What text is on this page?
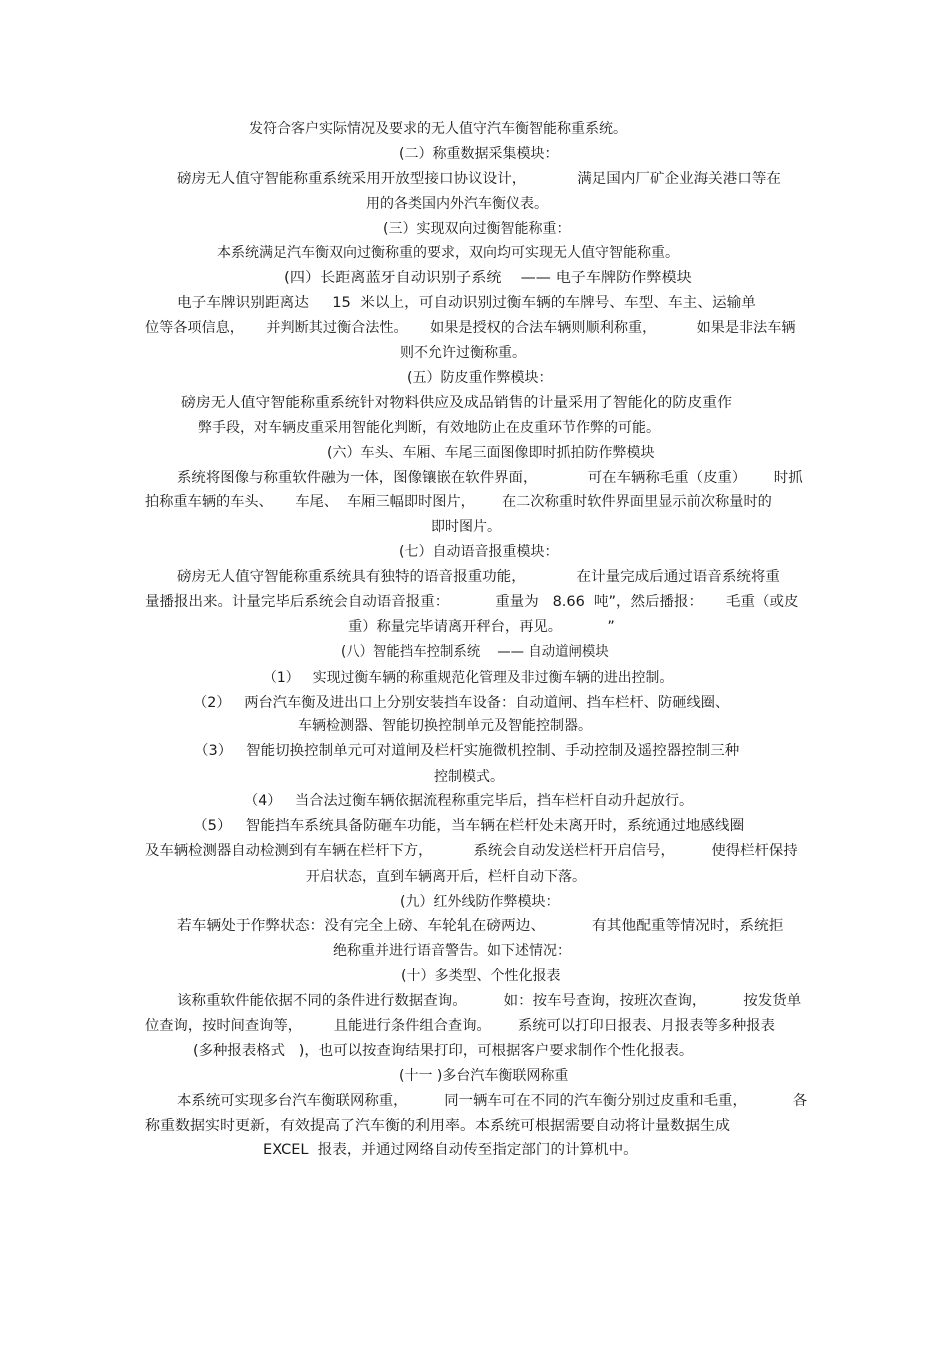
发符合客户实际情况及要求的无人值守汽车衡智能称重系统。
(二）称重数据采集模块：
磅房无人值守智能称重系统采用开放型接口协议设计，           满足国内厂矿企业海关港口等在
用的各类国内外汽车衡仪表。
(三）实现双向过衡智能称重：
本系统满足汽车衡双向过衡称重的要求，双向均可实现无人值守智能称重。
(四）长距离蓝牙自动识别子系统    —— 电子车牌防作弊模块
电子车牌识别距离达     15  米以上，可自动识别过衡车辆的车牌号、车型、车主、运输单
位等各项信息，     并判断其过衡合法性。     如果是授权的合法车辆则顺利称重，         如果是非法车辆
则不允许过衡称重。
(五）防皮重作弊模块：
磅房无人值守智能称重系统针对物料供应及成品销售的计量采用了智能化的防皮重作
弊手段，对车辆皮重采用智能化判断，有效地防止在皮重环节作弊的可能。
(六）车头、车厢、车尾三面图像即时抓拍防作弊模块
系统将图像与称重软件融为一体，图像镶嵌在软件界面，           可在车辆称毛重（皮重）      时抓
拍称重车辆的车头、     车尾、  车厢三幅即时图片，      在二次称重时软件界面里显示前次称量时的
即时图片。
(七）自动语音报重模块：
磅房无人值守智能称重系统具有独特的语音报重功能，           在计量完成后通过语音系统将重
量播报出来。计量完毕后系统会自动语音报重：          重量为   8.66  吨”，然后播报：     毛重（或皮
重）称量完毕请离开秤台，再见。          ”
(八）智能挡车控制系统    —— 自动道闸模块
（1）   实现过衡车辆的称重规范化管理及非过衡车辆的进出控制。
（2）   两台汽车衡及进出口上分别安装挡车设备：自动道闸、挡车栏杆、防砸线圈、
车辆检测器、智能切换控制单元及智能控制器。
（3）   智能切换控制单元可对道闸及栏杆实施微机控制、手动控制及遥控器控制三种
控制模式。
（4）   当合法过衡车辆依据流程称重完毕后，挡车栏杆自动升起放行。
（5）   智能挡车系统具备防砸车功能，当车辆在栏杆处未离开时，系统通过地感线圈
及车辆检测器自动检测到有车辆在栏杆下方，         系统会自动发送栏杆开启信号，        使得栏杆保持
开启状态，直到车辆离开后，栏杆自动下落。
(九）红外线防作弊模块：
若车辆处于作弊状态：没有完全上磅、车轮轧在磅两边、          有其他配重等情况时，系统拒
绝称重并进行语音警告。如下述情况：
(十）多类型、个性化报表
该称重软件能依据不同的条件进行数据查询。        如：按车号查询，按班次查询，        按发货单
位查询，按时间查询等，       且能进行条件组合查询。      系统可以打印日报表、月报表等多种报表
(多种报表格式   )，也可以按查询结果打印，可根据客户要求制作个性化报表。
(十一 )多台汽车衡联网称重
本系统可实现多台汽车衡联网称重，        同一辆车可在不同的汽车衡分别过皮重和毛重，          各
称重数据实时更新，有效提高了汽车衡的利用率。本系统可根据需要自动将计量数据生成
EXCEL  报表，并通过网络自动传至指定部门的计算机中。
